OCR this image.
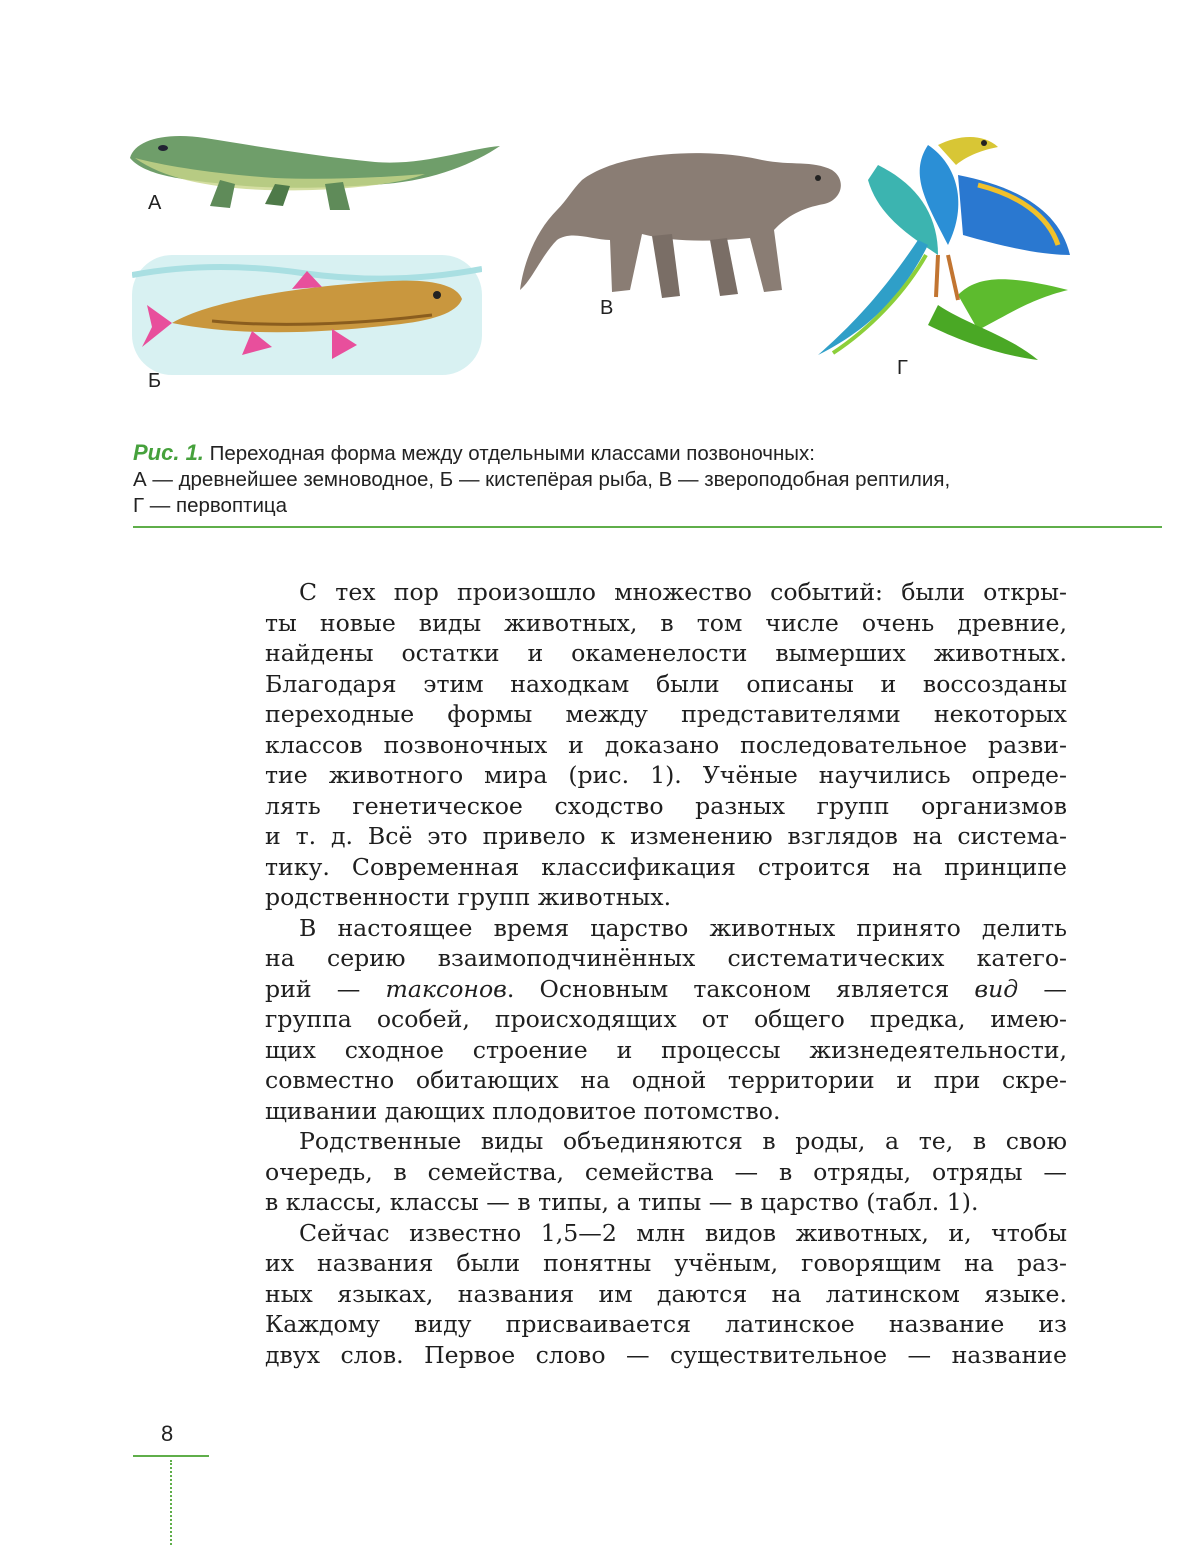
А
Б
В
Г
Рис. 1. Переходная форма между отдельными классами позвоночных:
А — древнейшее земноводное, Б — кистепёрая рыба, В — звероподобная рептилия,
Г — первоптица
С тех пор произошло множество событий: были откры-
ты новые виды животных, в том числе очень древние,
найдены остатки и окаменелости вымерших животных.
Благодаря этим находкам были описаны и воссозданы
переходные формы между представителями некоторых
классов позвоночных и доказано последовательное разви-
тие животного мира (рис. 1). Учёные научились опреде-
лять генетическое сходство разных групп организмов
и т. д. Всё это привело к изменению взглядов на система-
тику. Современная классификация строится на принципе
родственности групп животных.
В настоящее время царство животных принято делить
на серию взаимоподчинённых систематических катего-
рий — таксонов. Основным таксоном является вид —
группа особей, происходящих от общего предка, имею-
щих сходное строение и процессы жизнедеятельности,
совместно обитающих на одной территории и при скре-
щивании дающих плодовитое потомство.
Родственные виды объединяются в роды, а те, в свою
очередь, в семейства, семейства — в отряды, отряды —
в классы, классы — в типы, а типы — в царство (табл. 1).
Сейчас известно 1,5—2 млн видов животных, и, чтобы
их названия были понятны учёным, говорящим на раз-
ных языках, названия им даются на латинском языке.
Каждому виду присваивается латинское название из
двух слов. Первое слово — существительное — название
8
